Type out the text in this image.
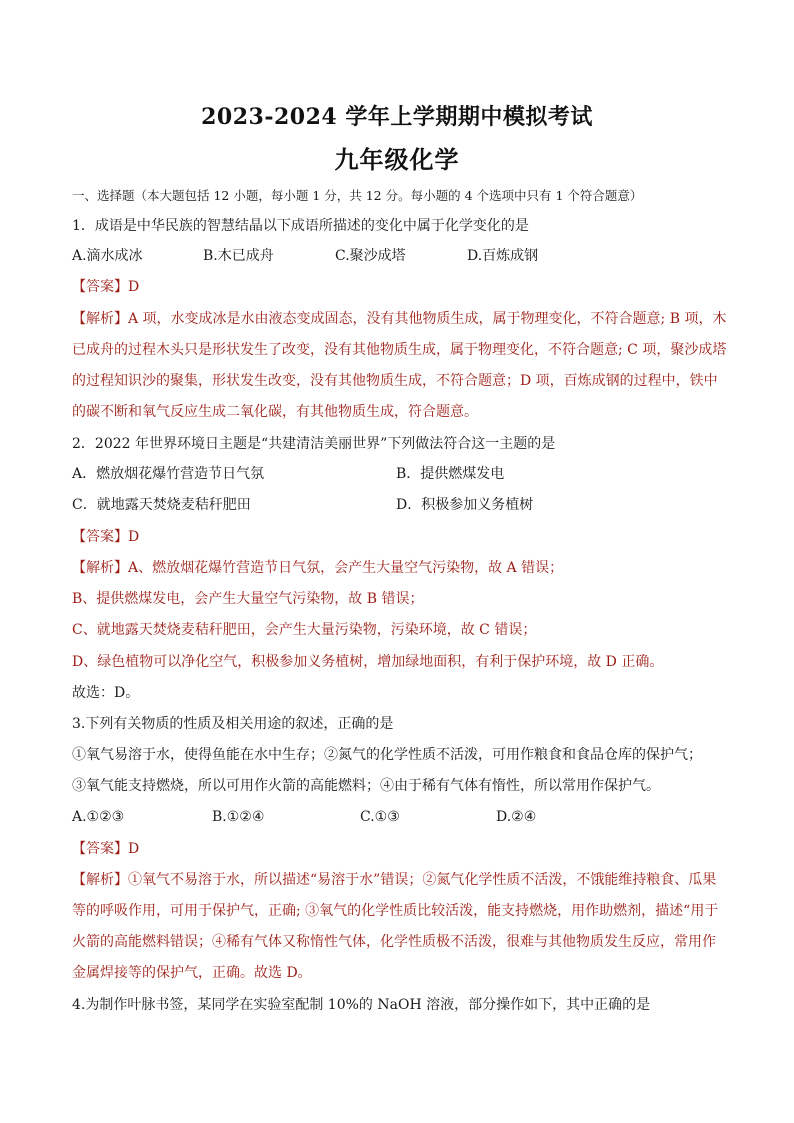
2023-2024 学年上学期期中模拟考试
九年级化学
一、选择题（本大题包括 12 小题，每小题 1 分，共 12 分。每小题的 4 个选项中只有 1 个符合题意）
1．成语是中华民族的智慧结晶以下成语所描述的变化中属于化学变化的是
A.滴水成冰	B.木已成舟	C.聚沙成塔	D.百炼成钢
【答案】D
【解析】A 项，水变成冰是水由液态变成固态，没有其他物质生成，属于物理变化，不符合题意; B 项，木
已成舟的过程木头只是形状发生了改变，没有其他物质生成，属于物理变化，不符合题意; C 项，聚沙成塔
的过程知识沙的聚集，形状发生改变，没有其他物质生成，不符合题意；D 项，百炼成钢的过程中，铁中
的碳不断和氧气反应生成二氧化碳，有其他物质生成，符合题意。
2．2022 年世界环境日主题是“共建清洁美丽世界”下列做法符合这一主题的是
A．燃放烟花爆竹营造节日气氛	B．提供燃煤发电
C．就地露天焚烧麦秸秆肥田	D．积极参加义务植树
【答案】D
【解析】A、燃放烟花爆竹营造节日气氛，会产生大量空气污染物，故 A 错误；
B、提供燃煤发电，会产生大量空气污染物，故 B 错误；
C、就地露天焚烧麦秸秆肥田，会产生大量污染物，污染环境，故 C 错误；
D、绿色植物可以净化空气，积极参加义务植树，增加绿地面积，有利于保护环境，故 D 正确。
故选：D。
3.下列有关物质的性质及相关用途的叙述，正确的是
①氧气易溶于水，使得鱼能在水中生存；②氮气的化学性质不活泼，可用作粮食和食品仓库的保护气；
③氧气能支持燃烧，所以可用作火箭的高能燃料；④由于稀有气体有惰性，所以常用作保护气。
A.①②③	B.①②④	C.①③	D.②④
【答案】D
【解析】①氧气不易溶于水，所以描述“易溶于水”错误；②氮气化学性质不活泼，不饿能维持粮食、瓜果
等的呼吸作用，可用于保护气，正确; ③氧气的化学性质比较活泼，能支持燃烧，用作助燃剂，描述“用于
火箭的高能燃料错误；④稀有气体又称惰性气体，化学性质极不活泼，很难与其他物质发生反应，常用作
金属焊接等的保护气，正确。故选 D。
4.为制作叶脉书签，某同学在实验室配制 10%的 NaOH 溶液，部分操作如下，其中正确的是
